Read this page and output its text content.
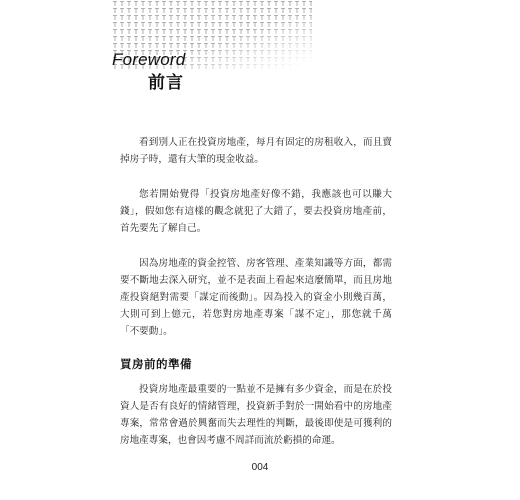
Foreword
前言

看到別人正在投資房地產，每月有固定的房租收入，而且賣掉房子時，還有大筆的現金收益。

您若開始覺得「投資房地產好像不錯，我應該也可以賺大錢」，假如您有這樣的觀念就犯了大錯了，要去投資房地產前，首先要先了解自己。

因為房地產的資金控管、房客管理、產業知識等方面，都需要不斷地去深入研究，並不是表面上看起來這麼簡單，而且房地產投資絕對需要「謀定而後動」。因為投入的資金小則幾百萬，大則可到上億元，若您對房地產專案「謀不定」，那您就千萬「不要動」。

買房前的準備

投資房地產最重要的一點並不是擁有多少資金，而是在於投資人是否有良好的情緒管理，投資新手對於一開始看中的房地產專案，常常會過於興奮而失去理性的判斷，最後即使是可獲利的房地產專案，也會因考慮不周詳而流於虧損的命運。

004
